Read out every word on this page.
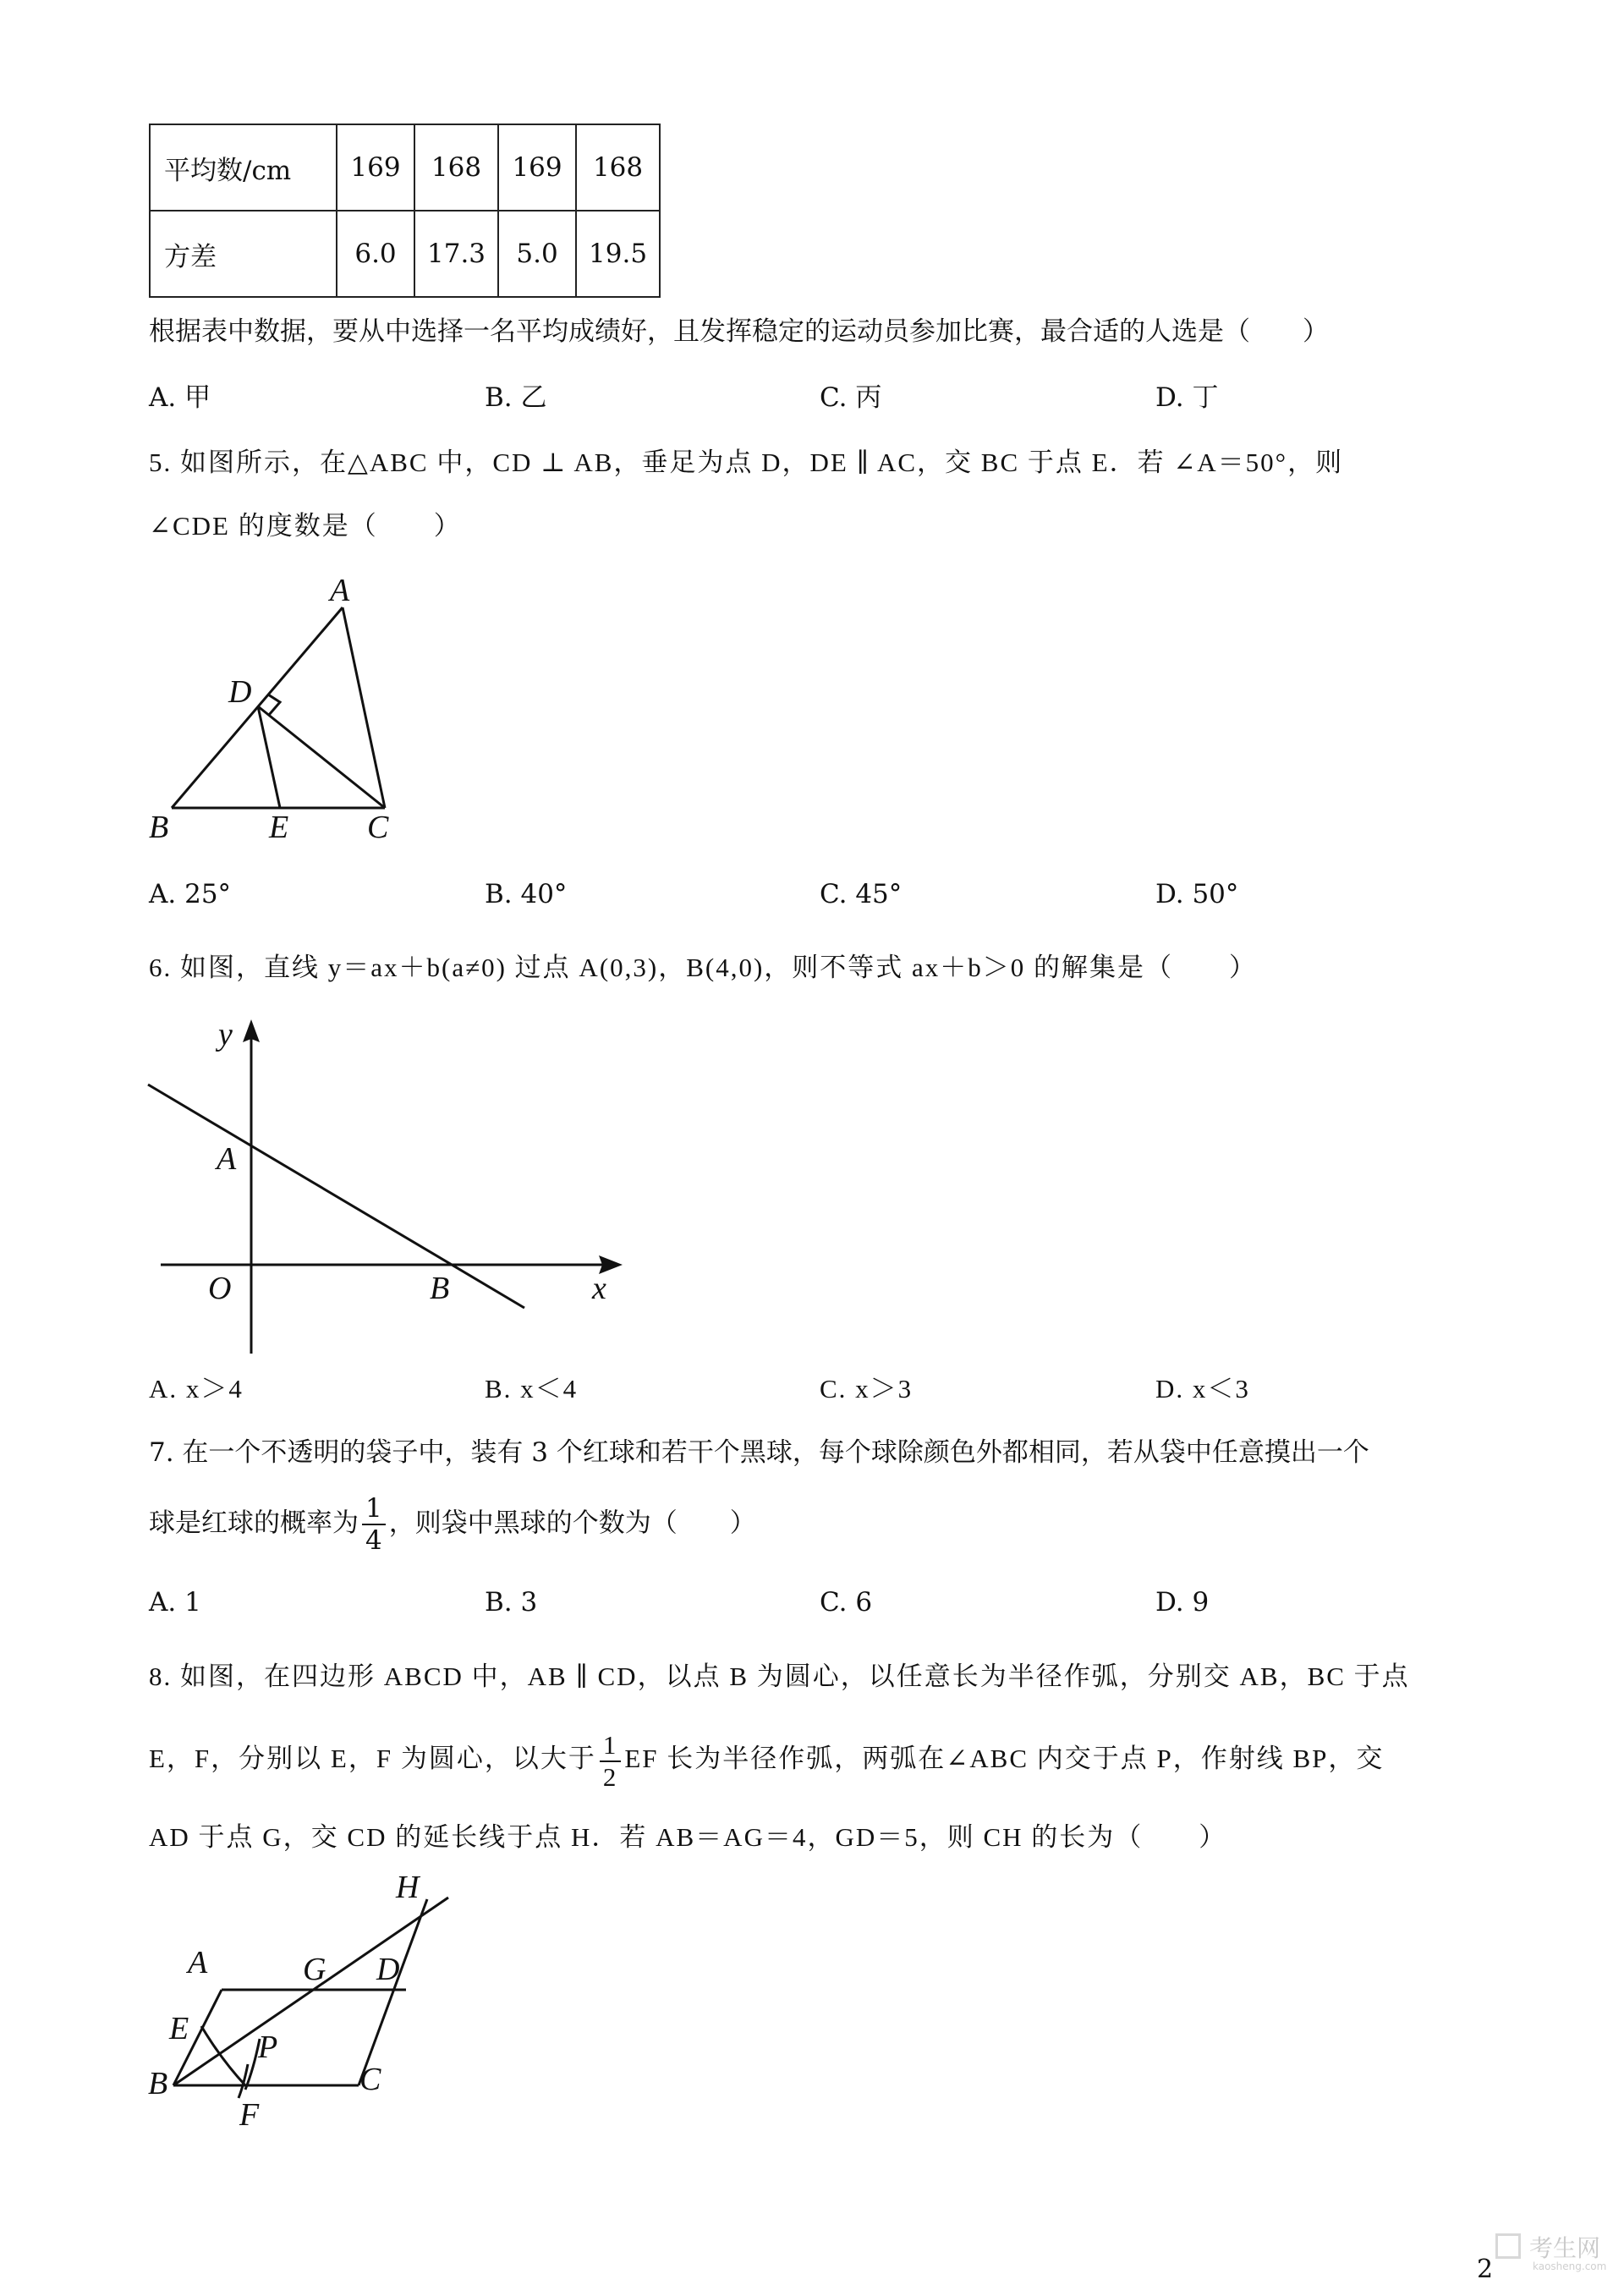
平均数/cm	169	168	169	168
方差	6.0	17.3	5.0	19.5
根据表中数据，要从中选择一名平均成绩好，且发挥稳定的运动员参加比赛，最合适的人选是（　　）
A. 甲	B. 乙	C. 丙	D. 丁
5. 如图所示，在△ABC 中，CD ⊥ AB，垂足为点 D，DE ∥ AC，交 BC 于点 E．若 ∠A＝50°，则
∠CDE 的度数是（　　）
A
D
B	E C
A. 25°	B. 40°	C. 45°	D. 50°
6. 如图，直线 y＝ax＋b(a≠0) 过点 A(0,3)，B(4,0)，则不等式 ax＋b＞0 的解集是（　　）
y
x
O
A
B
A. x＞4	B. x＜4	C. x＞3	D. x＜3
7. 在一个不透明的袋子中，装有 3 个红球和若干个黑球，每个球除颜色外都相同，若从袋中任意摸出一个
球是红球的概率为 $\frac{1}{4}$ ，则袋中黑球的个数为（　　）
A. 1	B. 3	C. 6	D. 9
8. 如图，在四边形 ABCD 中，AB ∥ CD，以点 B 为圆心，以任意长为半径作弧，分别交 AB，BC 于点
E，F，分别以 E，F 为圆心，以大于 $\frac{1}{2}$ EF 长为半径作弧，两弧在∠ABC 内交于点 P，作射线 BP，交
AD 于点 G，交 CD 的延长线于点 H．若 AB＝AG＝4，GD＝5，则 CH 的长为（　　）
H
A	G D
E
P
B	C
F
2
考生网
kaosheng.com
